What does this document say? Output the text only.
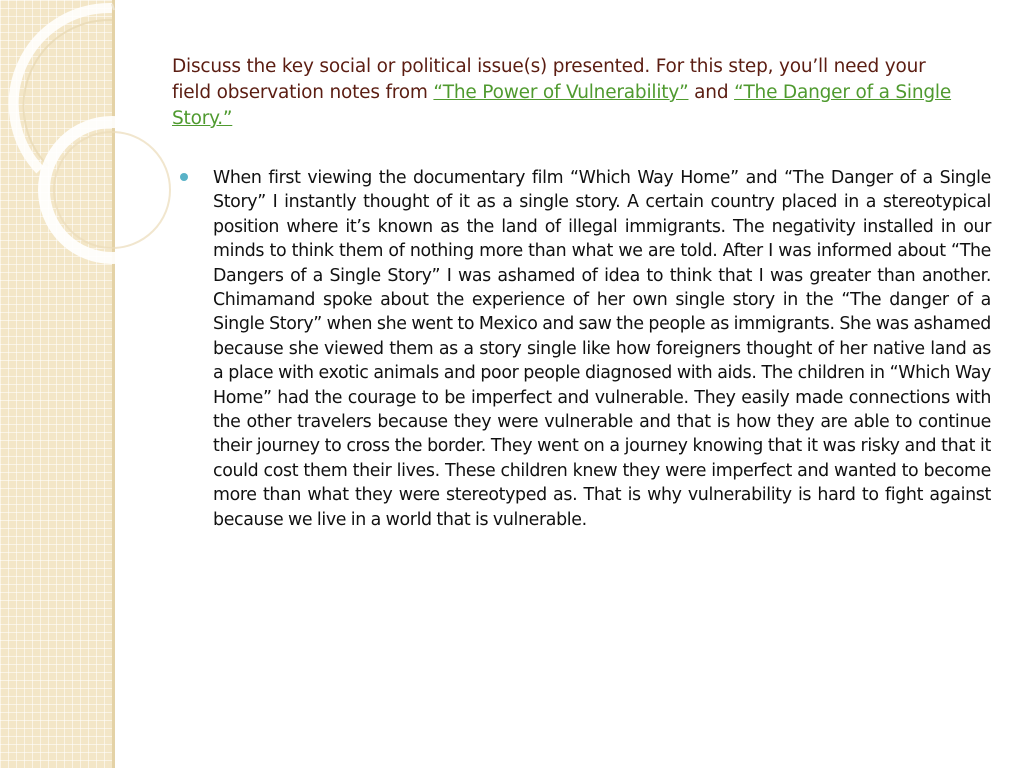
Discuss the key social or political issue(s) presented. For this step, you’ll need your field observation notes from “The Power of Vulnerability” and “The Danger of a Single Story.”

When first viewing the documentary film “Which Way Home” and “The Danger of a Single Story” I instantly thought of it as a single story. A certain country placed in a stereotypical position where it’s known as the land of illegal immigrants. The negativity installed in our minds to think them of nothing more than what we are told. After I was informed about “The Dangers of a Single Story” I was ashamed of idea to think that I was greater than another. Chimamand spoke about the experience of her own single story in the “The danger of a Single Story” when she went to Mexico and saw the people as immigrants. She was ashamed because she viewed them as a story single like how foreigners thought of her native land as a place with exotic animals and poor people diagnosed with aids. The children in “Which Way Home” had the courage to be imperfect and vulnerable. They easily made connections with the other travelers because they were vulnerable and that is how they are able to continue their journey to cross the border. They went on a journey knowing that it was risky and that it could cost them their lives. These children knew they were imperfect and wanted to become more than what they were stereotyped as. That is why vulnerability is hard to fight against because we live in a world that is vulnerable.
